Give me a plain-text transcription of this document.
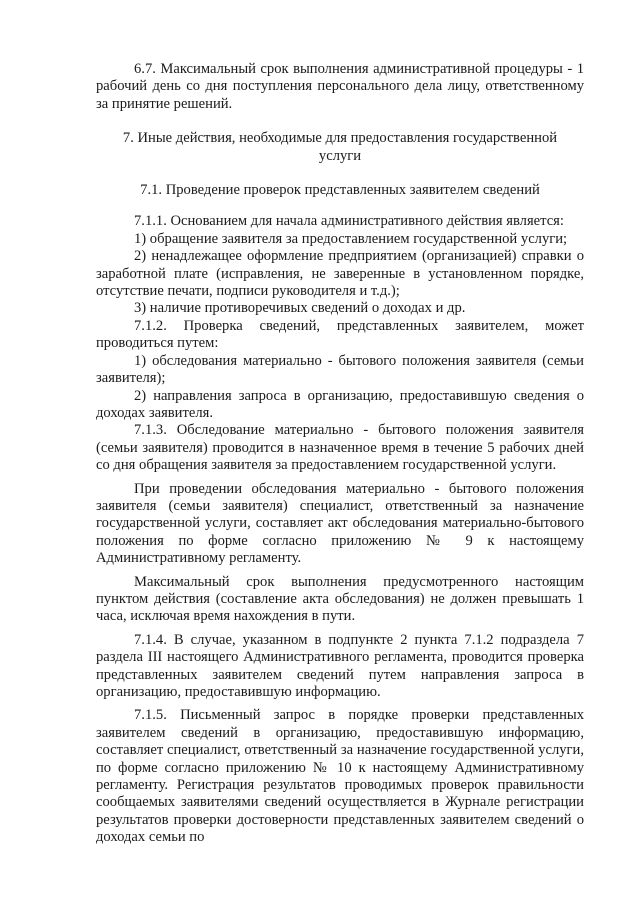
6.7. Максимальный срок выполнения административной процедуры - 1 рабочий день со дня поступления персонального дела лицу, ответственному за принятие решений.

7. Иные действия, необходимые для предоставления государственной услуги

7.1. Проведение проверок представленных заявителем сведений

7.1.1. Основанием для начала административного действия является:

1) обращение заявителя за предоставлением государственной услуги;

2) ненадлежащее оформление предприятием (организацией) справки о заработной плате (исправления, не заверенные в установленном порядке, отсутствие печати, подписи руководителя и т.д.);

3) наличие противоречивых сведений о доходах и др.

7.1.2. Проверка сведений, представленных заявителем, может проводиться путем:

1) обследования материально - бытового положения заявителя (семьи заявителя);

2) направления запроса в организацию, предоставившую сведения о доходах заявителя.

7.1.3. Обследование материально - бытового положения заявителя (семьи заявителя) проводится в назначенное время в течение 5 рабочих дней со дня обращения заявителя за предоставлением государственной услуги.

При проведении обследования материально - бытового положения заявителя (семьи заявителя) специалист, ответственный за назначение государственной услуги, составляет акт обследования материально-бытового положения по форме согласно приложению № 9 к настоящему Административному регламенту.

Максимальный срок выполнения предусмотренного настоящим пунктом действия (составление акта обследования) не должен превышать 1 часа, исключая время нахождения в пути.

7.1.4. В случае, указанном в подпункте 2 пункта 7.1.2 подраздела 7 раздела III настоящего Административного регламента, проводится проверка представленных заявителем сведений путем направления запроса в организацию, предоставившую информацию.

7.1.5. Письменный запрос в порядке проверки представленных заявителем сведений в организацию, предоставившую информацию, составляет специалист, ответственный за назначение государственной услуги, по форме согласно приложению № 10 к настоящему Административному регламенту. Регистрация результатов проводимых проверок правильности сообщаемых заявителями сведений осуществляется в Журнале регистрации результатов проверки достоверности представленных заявителем сведений о доходах семьи по
